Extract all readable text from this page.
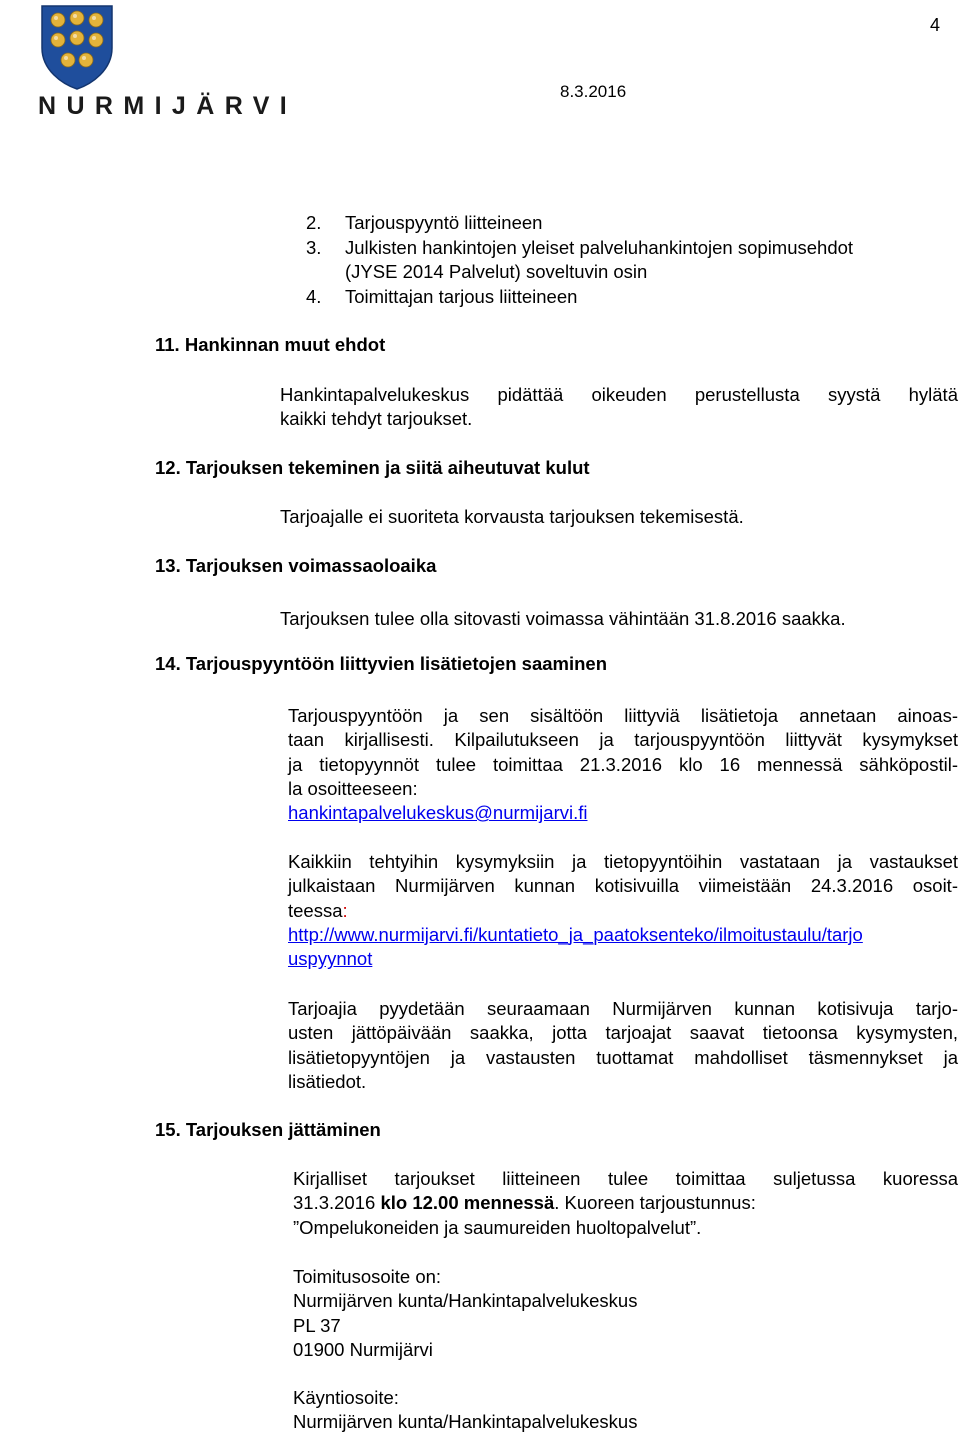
NURMIJÄRVI
4
8.3.2016
2. Tarjouspyyntö liitteineen
3. Julkisten hankintojen yleiset palveluhankintojen sopimusehdot
(JYSE 2014 Palvelut) soveltuvin osin
4. Toimittajan tarjous liitteineen
11. Hankinnan muut ehdot
Hankintapalvelukeskus pidättää oikeuden perustellusta syystä hylätä
kaikki tehdyt tarjoukset.
12. Tarjouksen tekeminen ja siitä aiheutuvat kulut
Tarjoajalle ei suoriteta korvausta tarjouksen tekemisestä.
13. Tarjouksen voimassaoloaika
Tarjouksen tulee olla sitovasti voimassa vähintään 31.8.2016 saakka.
14. Tarjouspyyntöön liittyvien lisätietojen saaminen
Tarjouspyyntöön ja sen sisältöön liittyviä lisätietoja annetaan ainoas-
taan kirjallisesti. Kilpailutukseen ja tarjouspyyntöön liittyvät kysymykset
ja tietopyynnöt tulee toimittaa 21.3.2016 klo 16 mennessä sähköpostil-
la osoitteeseen:
hankintapalvelukeskus@nurmijarvi.fi
Kaikkiin tehtyihin kysymyksiin ja tietopyyntöihin vastataan ja vastaukset
julkaistaan Nurmijärven kunnan kotisivuilla viimeistään 24.3.2016 osoit-
teessa:
http://www.nurmijarvi.fi/kuntatieto_ja_paatoksenteko/ilmoitustaulu/tarjo
uspyynnot
Tarjoajia pyydetään seuraamaan Nurmijärven kunnan kotisivuja tarjo-
usten jättöpäivään saakka, jotta tarjoajat saavat tietoonsa kysymysten,
lisätietopyyntöjen ja vastausten tuottamat mahdolliset täsmennykset ja
lisätiedot.
15. Tarjouksen jättäminen
Kirjalliset tarjoukset liitteineen tulee toimittaa suljetussa kuoressa
31.3.2016 klo 12.00 mennessä. Kuoreen tarjoustunnus:
”Ompelukoneiden ja saumureiden huoltopalvelut”.
Toimitusosoite on:
Nurmijärven kunta/Hankintapalvelukeskus
PL 37
01900 Nurmijärvi
Käyntiosoite:
Nurmijärven kunta/Hankintapalvelukeskus
